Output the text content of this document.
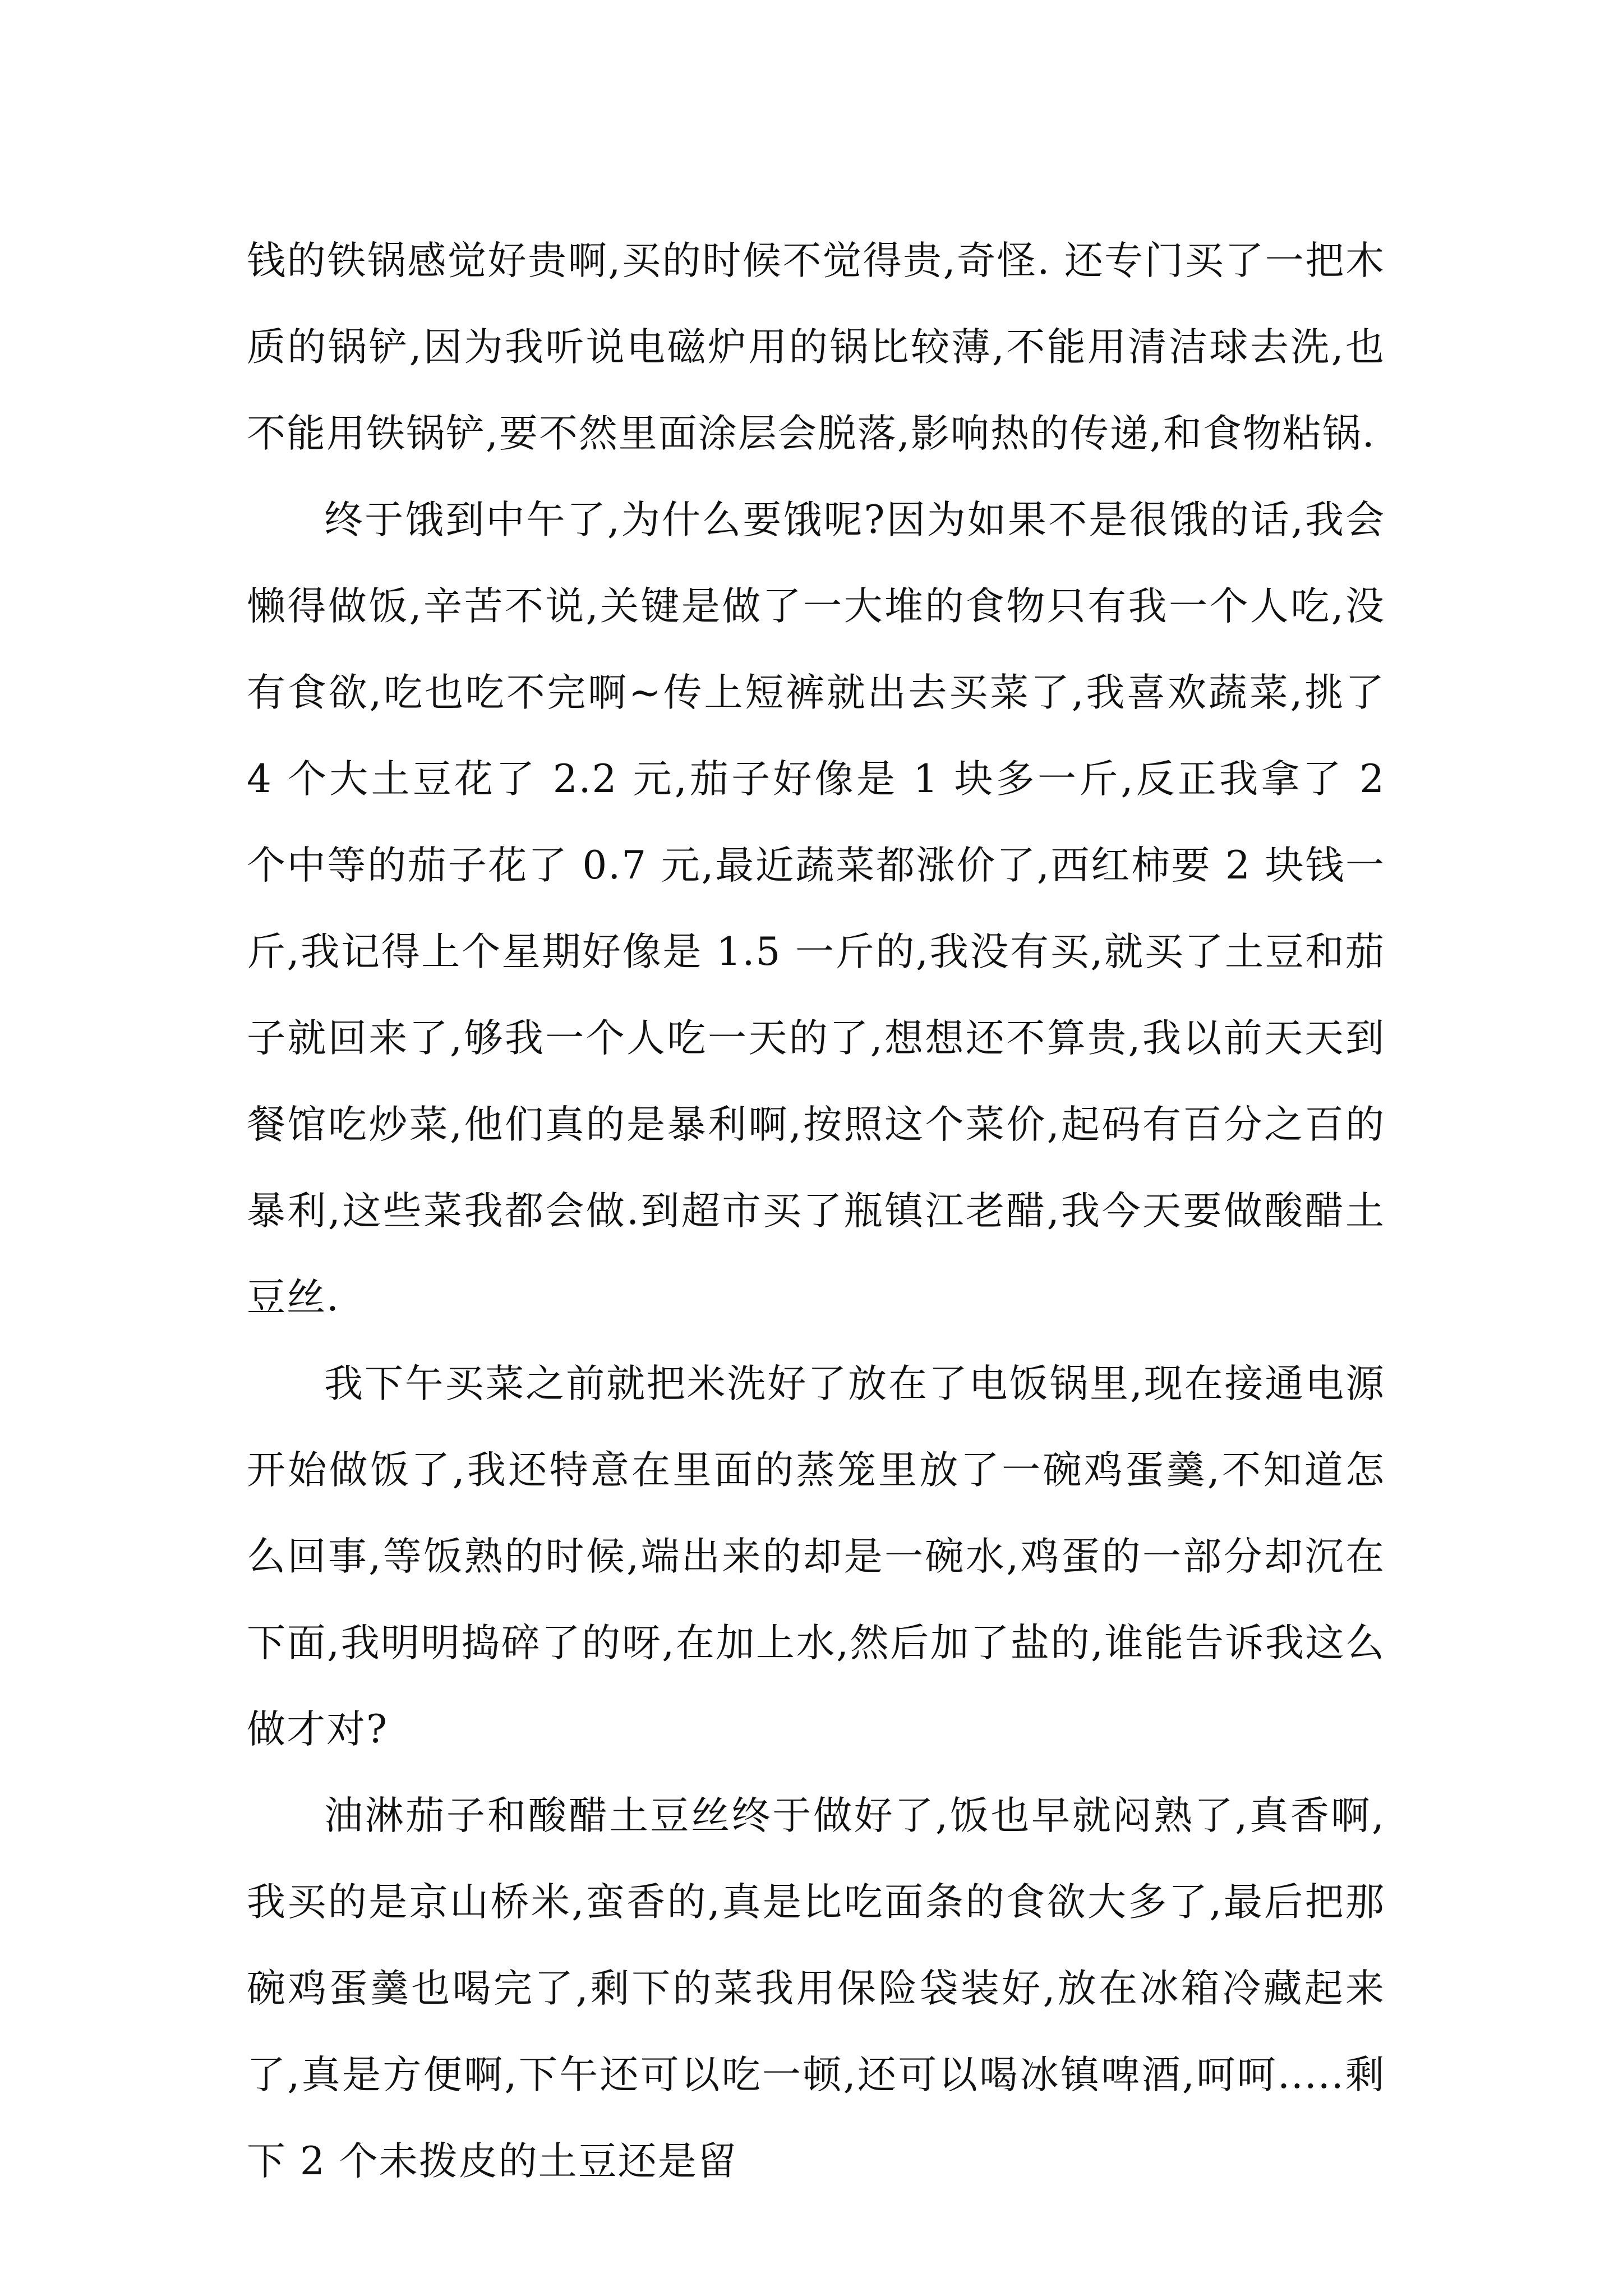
钱的铁锅感觉好贵啊,买的时候不觉得贵,奇怪. 还专门买了一把木质的锅铲,因为我听说电磁炉用的锅比较薄,不能用清洁球去洗,也不能用铁锅铲,要不然里面涂层会脱落,影响热的传递,和食物粘锅.

终于饿到中午了,为什么要饿呢?因为如果不是很饿的话,我会懒得做饭,辛苦不说,关键是做了一大堆的食物只有我一个人吃,没有食欲,吃也吃不完啊~传上短裤就出去买菜了,我喜欢蔬菜,挑了 4 个大土豆花了 2.2 元,茄子好像是 1 块多一斤,反正我拿了 2 个中等的茄子花了 0.7 元,最近蔬菜都涨价了,西红柿要 2 块钱一斤,我记得上个星期好像是 1.5 一斤的,我没有买,就买了土豆和茄子就回来了,够我一个人吃一天的了,想想还不算贵,我以前天天到餐馆吃炒菜,他们真的是暴利啊,按照这个菜价,起码有百分之百的暴利,这些菜我都会做.到超市买了瓶镇江老醋,我今天要做酸醋土豆丝.

我下午买菜之前就把米洗好了放在了电饭锅里,现在接通电源开始做饭了,我还特意在里面的蒸笼里放了一碗鸡蛋羹,不知道怎么回事,等饭熟的时候,端出来的却是一碗水,鸡蛋的一部分却沉在下面,我明明捣碎了的呀,在加上水,然后加了盐的,谁能告诉我这么做才对?

油淋茄子和酸醋土豆丝终于做好了,饭也早就闷熟了,真香啊,我买的是京山桥米,蛮香的,真是比吃面条的食欲大多了,最后把那碗鸡蛋羹也喝完了,剩下的菜我用保险袋装好,放在冰箱冷藏起来了,真是方便啊,下午还可以吃一顿,还可以喝冰镇啤酒,呵呵.....剩下 2 个未拨皮的土豆还是留
